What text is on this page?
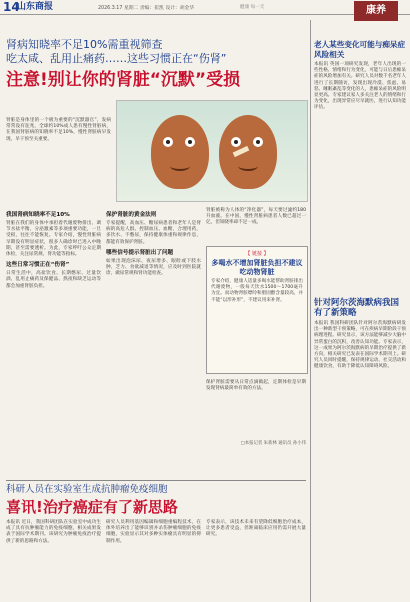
14
山东商报	2026.3.17 星期二 责编：崔凯 设计：胡金华	健康 每一天	康养
肾病知晓率不足10%需重视筛查
吃太咸、乱用止痛药……这些习惯正在“伤肾”
注意!别让你的肾脏“沉默”受损

肾脏是身体里的一个极为重要的“沉默器官”，发病常常没有征兆，全球约10%成人患有慢性肾脏病，在我国肾脏病的知晓率不足10%，慢性肾脏病早发现、早干预至关重要。

我国肾病知晓率不足10%

肾脏在我们的身体中承担着代谢废物排出、调节水盐平衡、分泌激素等多项重要功能，一旦受损，往往不能恢复。专家介绍，慢性肾脏病早期没有明显症状，很多人确诊时已进入中晚期，甚至需要透析。为此，专家呼吁公众定期体检，关注尿常规、肾功能等指标。

这些日常习惯正在“伤肾”

日常生活中，高盐饮食、长期憋尿、过量饮酒、乱用止痛药及保健品、熬夜和缺乏运动等都会加重肾脏负担。

保护肾脏的黄金法则

专家提醒，高血压、糖尿病患者和老年人是肾病的高危人群。控制血压、血糖，合理用药，多饮水、不憋尿，保持健康体重和规律作息，都能有效保护肾脏。

哪些信号提示肾脏出了问题

如果出现泡沫尿、夜尿增多、眼睑或下肢水肿、乏力、食欲减退等情况，应及时到医院就诊，做尿常规和肾功能检查。

肾脏被称为人体的“净化器”，每天要过滤约180升血液。在中国，慢性肾脏病患者人数已超过一亿，但知晓率却不足一成。

【 链接 】
多喝水不增加肾脏负担不建议吃动物肾脏

专家介绍，健康人适量多喝水能帮助肾脏排出代谢废物，一般每天饮水1500～1700毫升为宜。而动物肾脏嘌呤和胆固醇含量较高，并不能“以形补形”，不建议用来补肾。

保护肾脏需要从日常点滴做起，定期体检是早期发现肾病最简单有效的方法。

□本报记者 朱新林 通讯员 孙小伟
科研人员在实验室生成抗肿瘤免疫细胞
喜讯!治疗癌症有了新思路

本报讯 近日，我国科研团队在实验室中成功生成了具有抗肿瘤能力的免疫细胞，相关成果发表于国际学术期刊。该研究为肿瘤免疫治疗提供了新的思路和方法。

研究人员利用基因编辑和细胞重编程技术，在体外培养出了能够识别并杀伤肿瘤细胞的免疫细胞，实验显示其对多种实体瘤具有明显的抑制作用。

专家表示，该技术未来有望降低细胞治疗成本，让更多患者受益，但距离临床应用仍需开展大量研究。

老人某些变化可能与痴呆症风险相关

本报讯 英国一项研究发现，老年人出现的一些性格、情绪和行为变化，可能与日后患痴呆症的风险增加有关。研究人员对数千名老年人进行了长期随访，发现出现冷漠、焦虑、易怒、睡眠紊乱等变化的人，患痴呆症的风险明显更高。专家建议家人多关注老人的情绪和行为变化，出现异常应尽早就医，进行认知功能评估。

针对阿尔茨海默病我国有了新策略

本报讯 我国科研团队针对阿尔茨海默病研发出一种新型干预策略，可在疾病早期阶段干预病理进程。研究显示，该方法能够减少大脑中异常蛋白的沉积，改善认知功能。专家表示，这一成果为阿尔茨海默病的早期治疗提供了新方向，相关研究已发表在国际学术期刊上。研究人员同时提醒，保持规律运动、社交活动和健康饮食，有助于降低认知障碍风险。
